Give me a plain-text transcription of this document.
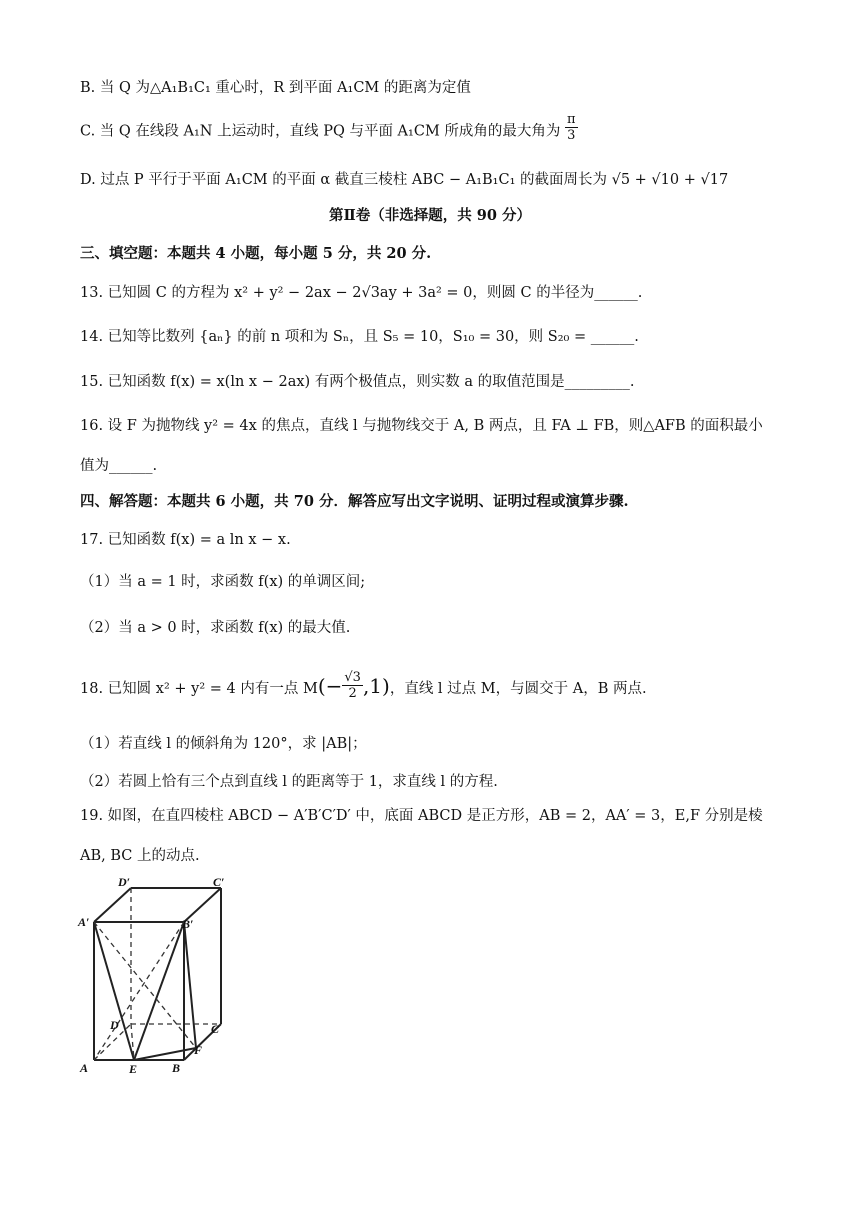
B. 当 Q 为△A₁B₁C₁ 重心时，R 到平面 A₁CM 的距离为定值
C. 当 Q 在线段 A₁N 上运动时，直线 PQ 与平面 A₁CM 所成角的最大角为 $\frac{\pi}{3}$
D. 过点 P 平行于平面 A₁CM 的平面 α 截直三棱柱 ABC − A₁B₁C₁ 的截面周长为 √5 + √10 + √17
第Ⅱ卷（非选择题，共 90 分）
三、填空题：本题共 4 小题，每小题 5 分，共 20 分.
13. 已知圆 C 的方程为 x² + y² − 2ax − 2√3ay + 3a² = 0，则圆 C 的半径为______.
14. 已知等比数列 {aₙ} 的前 n 项和为 Sₙ，且 S₅ = 10，S₁₀ = 30，则 S₂₀ = ______.
15. 已知函数 f(x) = x(ln x − 2ax) 有两个极值点，则实数 a 的取值范围是_________.
16. 设 F 为抛物线 y² = 4x 的焦点，直线 l 与抛物线交于 A, B 两点，且 FA ⊥ FB，则△AFB 的面积最小
值为______.
四、解答题：本题共 6 小题，共 70 分．解答应写出文字说明、证明过程或演算步骤.
17. 已知函数 f(x) = a ln x − x.
（1）当 a = 1 时，求函数 f(x) 的单调区间;
（2）当 a > 0 时，求函数 f(x) 的最大值.
18. 已知圆 x² + y² = 4 内有一点 $M(- \frac{√3}{2} ,1)$，直线 l 过点 M，与圆交于 A，B 两点.
（1）若直线 l 的倾斜角为 120°，求 |AB|；
（2）若圆上恰有三个点到直线 l 的距离等于 1，求直线 l 的方程.
19. 如图，在直四棱柱 ABCD − A′B′C′D′ 中，底面 ABCD 是正方形，AB = 2，AA′ = 3，E,F 分别是棱
AB, BC 上的动点.
D′	C′
A′	B′
D	C
F
A	E	B
